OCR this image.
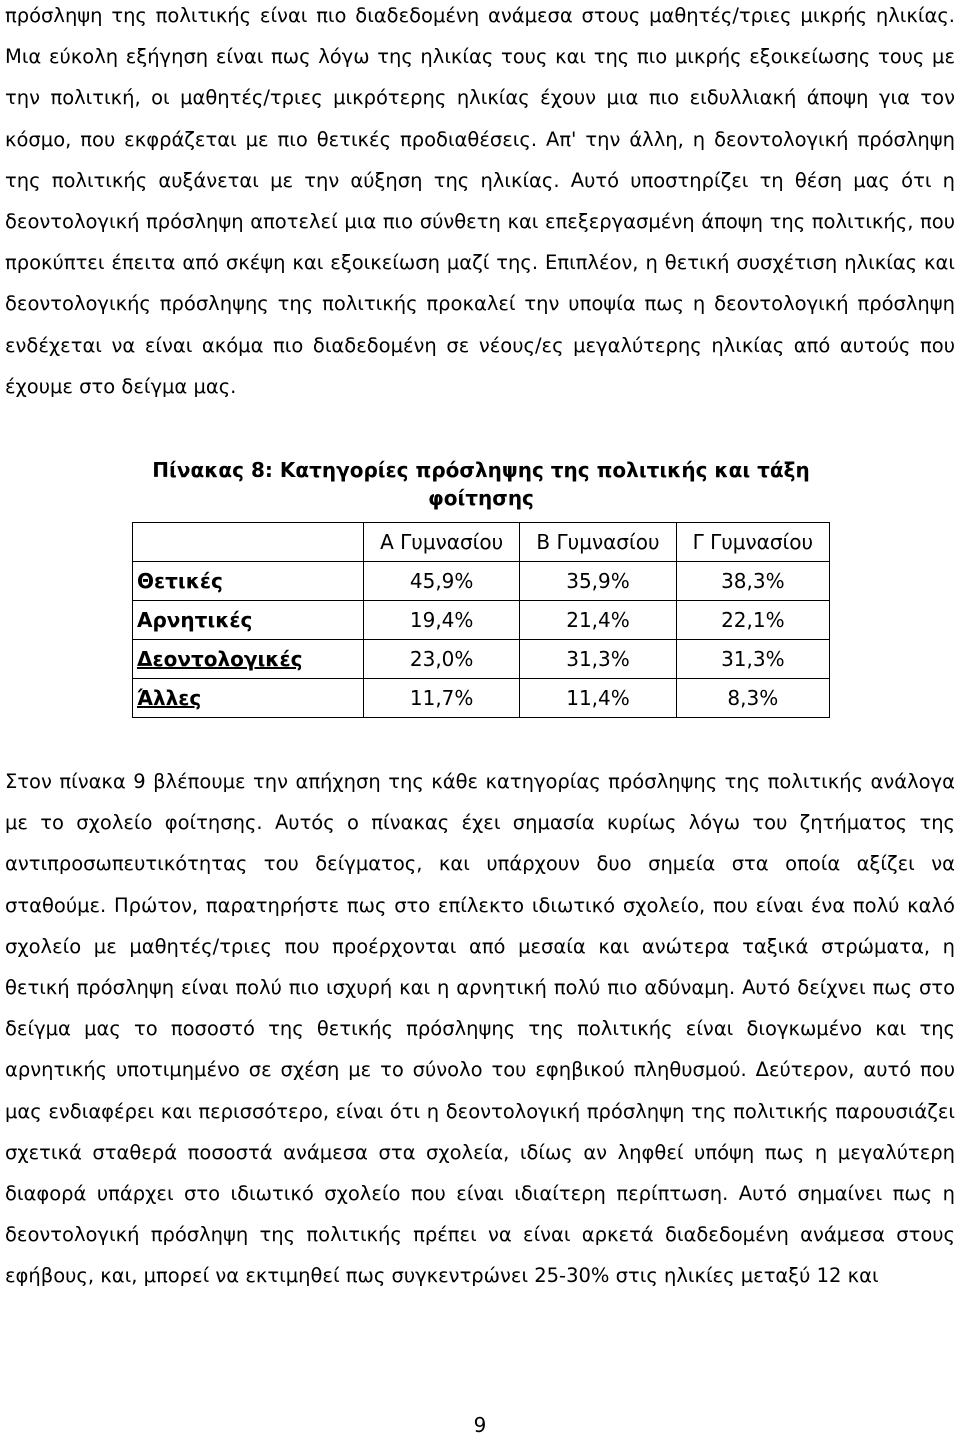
πρόσληψη της πολιτικής είναι πιο διαδεδομένη ανάμεσα στους μαθητές/τριες μικρής ηλικίας. Μια εύκολη εξήγηση είναι πως λόγω της ηλικίας τους και της πιο μικρής εξοικείωσης τους με την πολιτική, οι μαθητές/τριες μικρότερης ηλικίας έχουν μια πιο ειδυλλιακή άποψη για τον κόσμο, που εκφράζεται με πιο θετικές προδιαθέσεις. Απ' την άλλη, η δεοντολογική πρόσληψη της πολιτικής αυξάνεται με την αύξηση της ηλικίας. Αυτό υποστηρίζει τη θέση μας ότι η δεοντολογική πρόσληψη αποτελεί μια πιο σύνθετη και επεξεργασμένη άποψη της πολιτικής, που προκύπτει έπειτα από σκέψη και εξοικείωση μαζί της. Επιπλέον, η θετική συσχέτιση ηλικίας και δεοντολογικής πρόσληψης της πολιτικής προκαλεί την υποψία πως η δεοντολογική πρόσληψη ενδέχεται να είναι ακόμα πιο διαδεδομένη σε νέους/ες μεγαλύτερης ηλικίας από αυτούς που έχουμε στο δείγμα μας.

Πίνακας 8: Κατηγορίες πρόσληψης της πολιτικής και τάξη φοίτησης

	Α Γυμνασίου	Β Γυμνασίου	Γ Γυμνασίου
Θετικές	45,9%	35,9%	38,3%
Αρνητικές	19,4%	21,4%	22,1%
Δεοντολογικές	23,0%	31,3%	31,3%
Άλλες	11,7%	11,4%	8,3%

Στον πίνακα 9 βλέπουμε την απήχηση της κάθε κατηγορίας πρόσληψης της πολιτικής ανάλογα με το σχολείο φοίτησης. Αυτός ο πίνακας έχει σημασία κυρίως λόγω του ζητήματος της αντιπροσωπευτικότητας του δείγματος, και υπάρχουν δυο σημεία στα οποία αξίζει να σταθούμε. Πρώτον, παρατηρήστε πως στο επίλεκτο ιδιωτικό σχολείο, που είναι ένα πολύ καλό σχολείο με μαθητές/τριες που προέρχονται από μεσαία και ανώτερα ταξικά στρώματα, η θετική πρόσληψη είναι πολύ πιο ισχυρή και η αρνητική πολύ πιο αδύναμη. Αυτό δείχνει πως στο δείγμα μας το ποσοστό της θετικής πρόσληψης της πολιτικής είναι διογκωμένο και της αρνητικής υποτιμημένο σε σχέση με το σύνολο του εφηβικού πληθυσμού. Δεύτερον, αυτό που μας ενδιαφέρει και περισσότερο, είναι ότι η δεοντολογική πρόσληψη της πολιτικής παρουσιάζει σχετικά σταθερά ποσοστά ανάμεσα στα σχολεία, ιδίως αν ληφθεί υπόψη πως η μεγαλύτερη διαφορά υπάρχει στο ιδιωτικό σχολείο που είναι ιδιαίτερη περίπτωση. Αυτό σημαίνει πως η δεοντολογική πρόσληψη της πολιτικής πρέπει να είναι αρκετά διαδεδομένη ανάμεσα στους εφήβους, και, μπορεί να εκτιμηθεί πως συγκεντρώνει 25-30% στις ηλικίες μεταξύ 12 και

9
